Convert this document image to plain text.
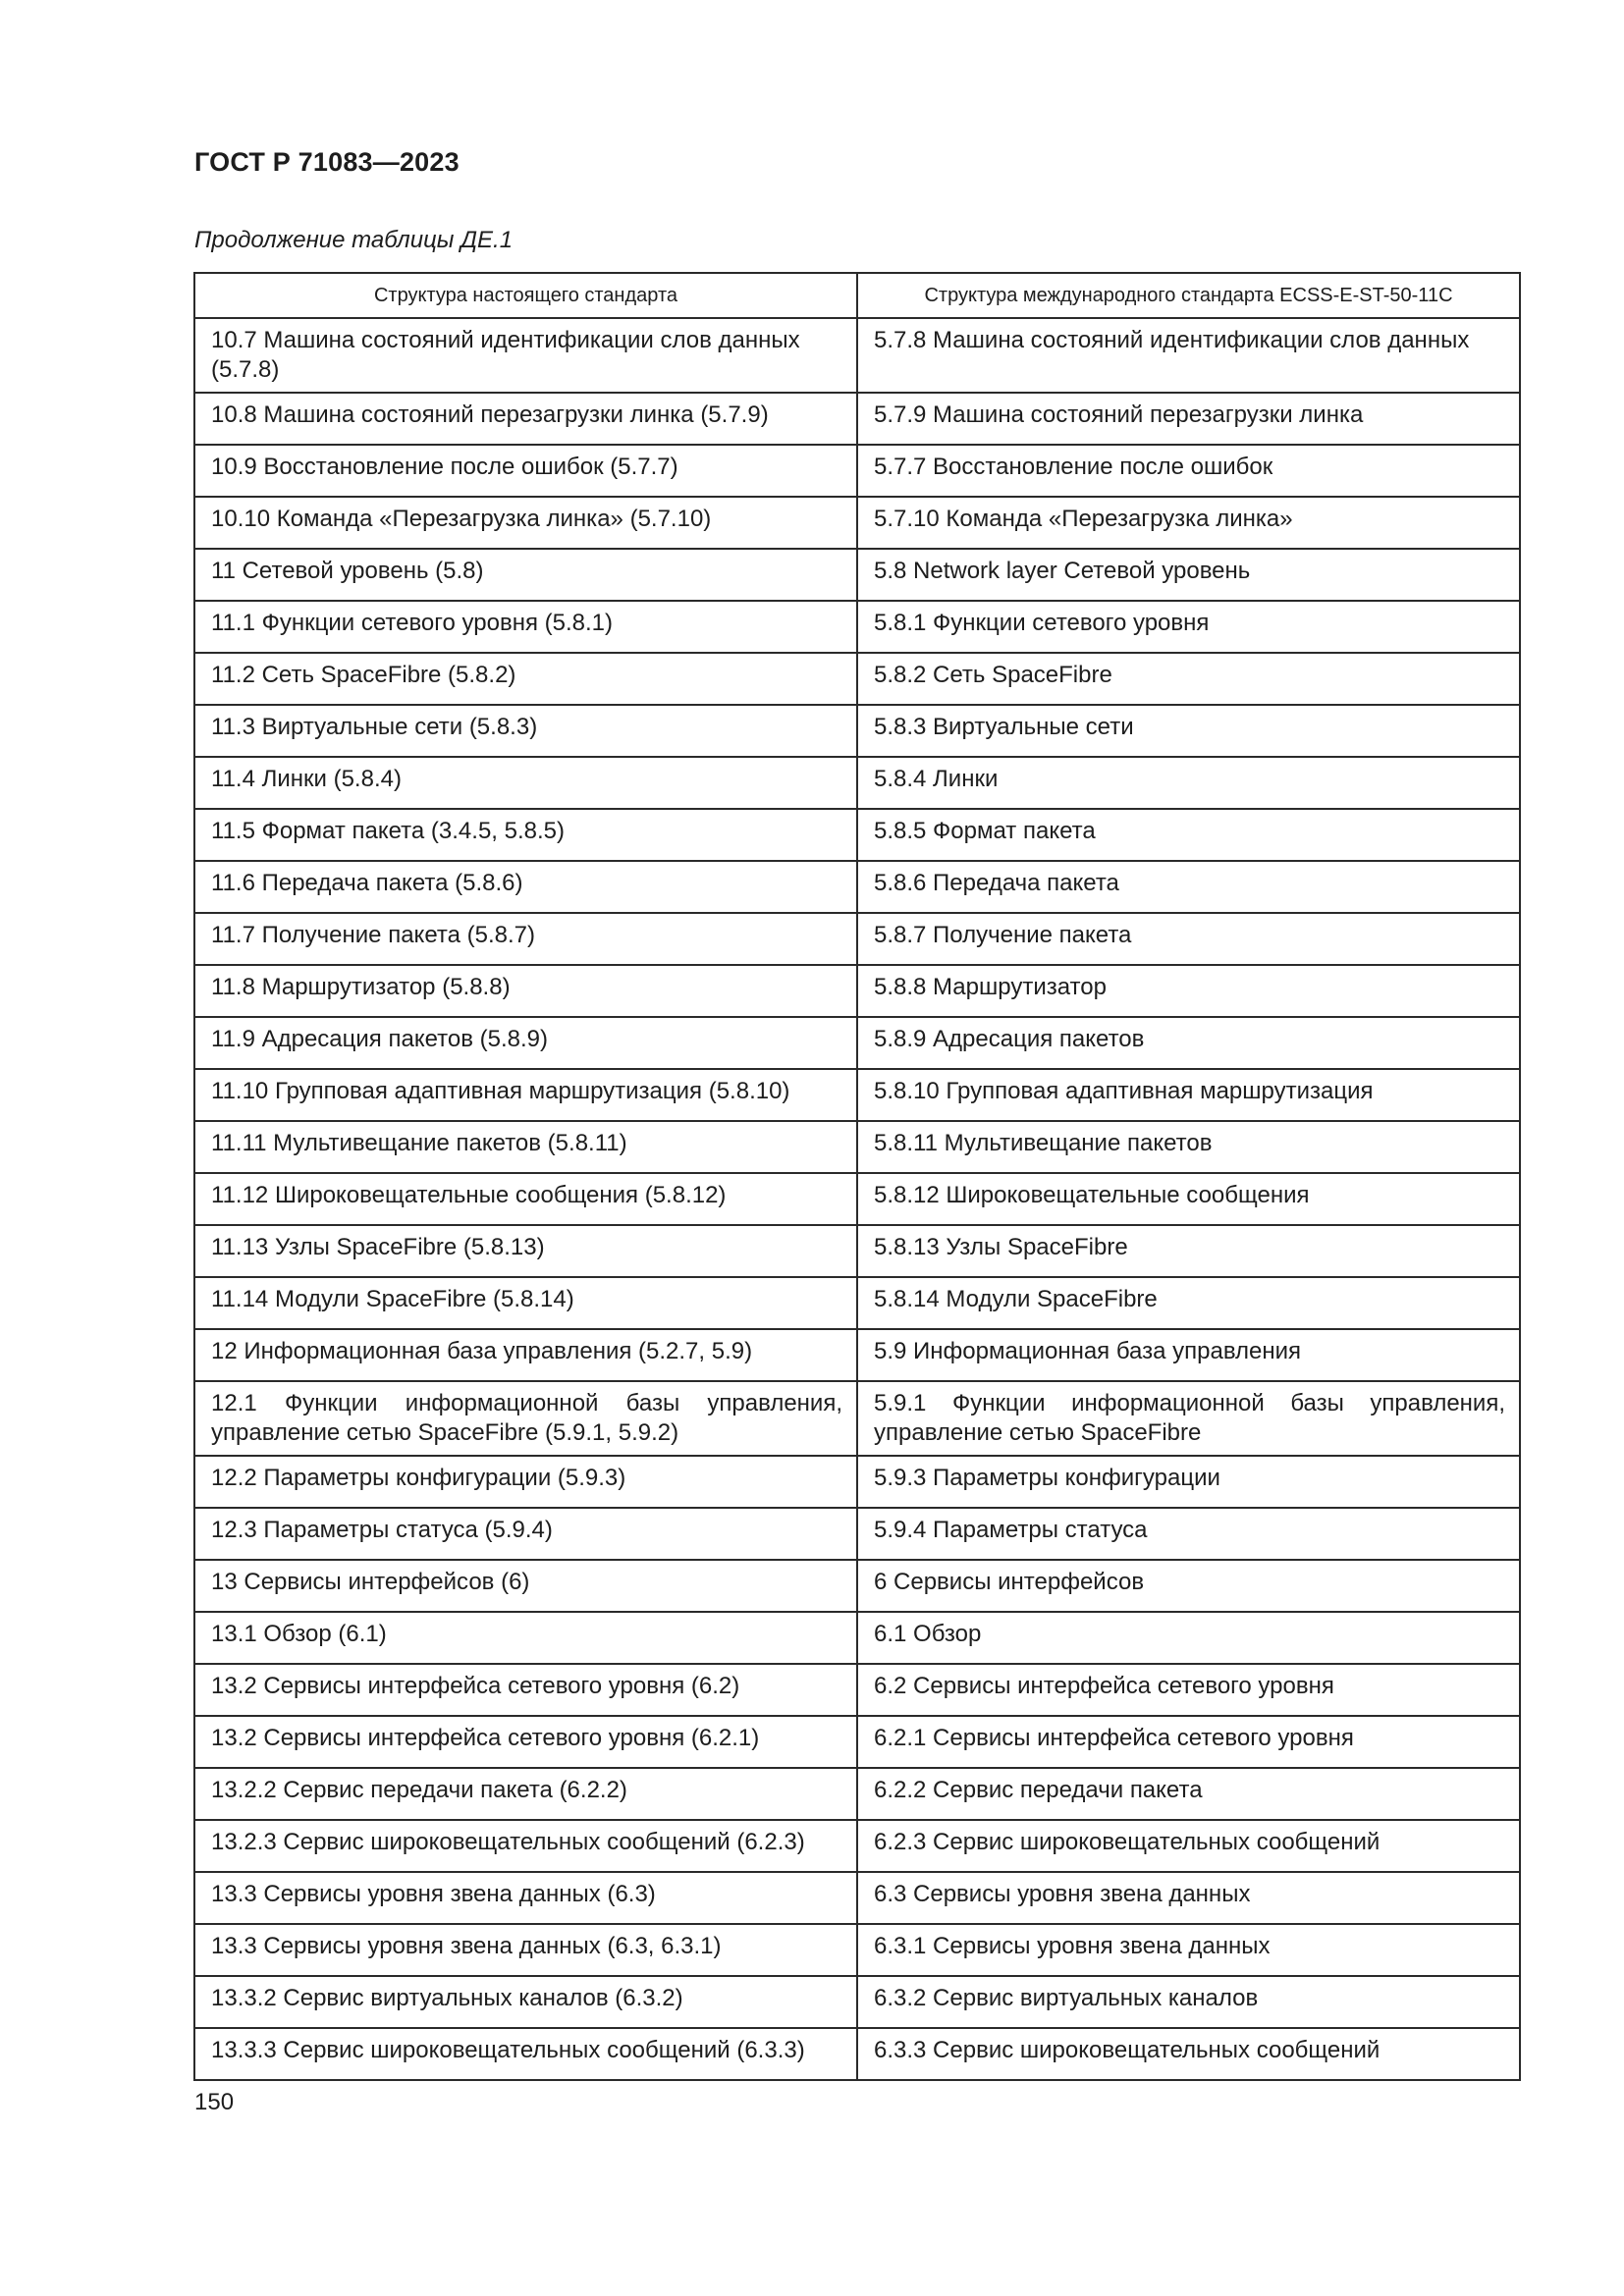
ГОСТ Р 71083—2023

Продолжение таблицы ДЕ.1

Структура настоящего стандарта	Структура международного стандарта ECSS-E-ST-50-11C
10.7 Машина состояний идентификации слов данных (5.7.8)	5.7.8 Машина состояний идентификации слов данных
10.8 Машина состояний перезагрузки линка (5.7.9)	5.7.9 Машина состояний перезагрузки линка
10.9 Восстановление после ошибок (5.7.7)	5.7.7 Восстановление после ошибок
10.10 Команда «Перезагрузка линка» (5.7.10)	5.7.10 Команда «Перезагрузка линка»
11 Сетевой уровень (5.8)	5.8 Network layer Сетевой уровень
11.1 Функции сетевого уровня (5.8.1)	5.8.1 Функции сетевого уровня
11.2 Сеть SpaceFibre (5.8.2)	5.8.2 Сеть SpaceFibre
11.3 Виртуальные сети (5.8.3)	5.8.3 Виртуальные сети
11.4 Линки (5.8.4)	5.8.4 Линки
11.5 Формат пакета (3.4.5, 5.8.5)	5.8.5 Формат пакета
11.6 Передача пакета (5.8.6)	5.8.6 Передача пакета
11.7 Получение пакета (5.8.7)	5.8.7 Получение пакета
11.8 Маршрутизатор (5.8.8)	5.8.8 Маршрутизатор
11.9 Адресация пакетов (5.8.9)	5.8.9 Адресация пакетов
11.10 Групповая адаптивная маршрутизация (5.8.10)	5.8.10 Групповая адаптивная маршрутизация
11.11 Мультивещание пакетов (5.8.11)	5.8.11 Мультивещание пакетов
11.12 Широковещательные сообщения (5.8.12)	5.8.12 Широковещательные сообщения
11.13 Узлы SpaceFibre (5.8.13)	5.8.13 Узлы SpaceFibre
11.14 Модули SpaceFibre (5.8.14)	5.8.14 Модули SpaceFibre
12 Информационная база управления (5.2.7, 5.9)	5.9 Информационная база управления
12.1 Функции информационной базы управления, управление сетью SpaceFibre (5.9.1, 5.9.2)	5.9.1 Функции информационной базы управления, управление сетью SpaceFibre
12.2 Параметры конфигурации (5.9.3)	5.9.3 Параметры конфигурации
12.3 Параметры статуса (5.9.4)	5.9.4 Параметры статуса
13 Сервисы интерфейсов (6)	6 Сервисы интерфейсов
13.1 Обзор (6.1)	6.1 Обзор
13.2 Сервисы интерфейса сетевого уровня (6.2)	6.2 Сервисы интерфейса сетевого уровня
13.2 Сервисы интерфейса сетевого уровня (6.2.1)	6.2.1 Сервисы интерфейса сетевого уровня
13.2.2 Сервис передачи пакета (6.2.2)	6.2.2 Сервис передачи пакета
13.2.3 Сервис широковещательных сообщений (6.2.3)	6.2.3 Сервис широковещательных сообщений
13.3 Сервисы уровня звена данных (6.3)	6.3 Сервисы уровня звена данных
13.3 Сервисы уровня звена данных (6.3, 6.3.1)	6.3.1 Сервисы уровня звена данных
13.3.2 Сервис виртуальных каналов (6.3.2)	6.3.2 Сервис виртуальных каналов
13.3.3 Сервис широковещательных сообщений (6.3.3)	6.3.3 Сервис широковещательных сообщений

150
